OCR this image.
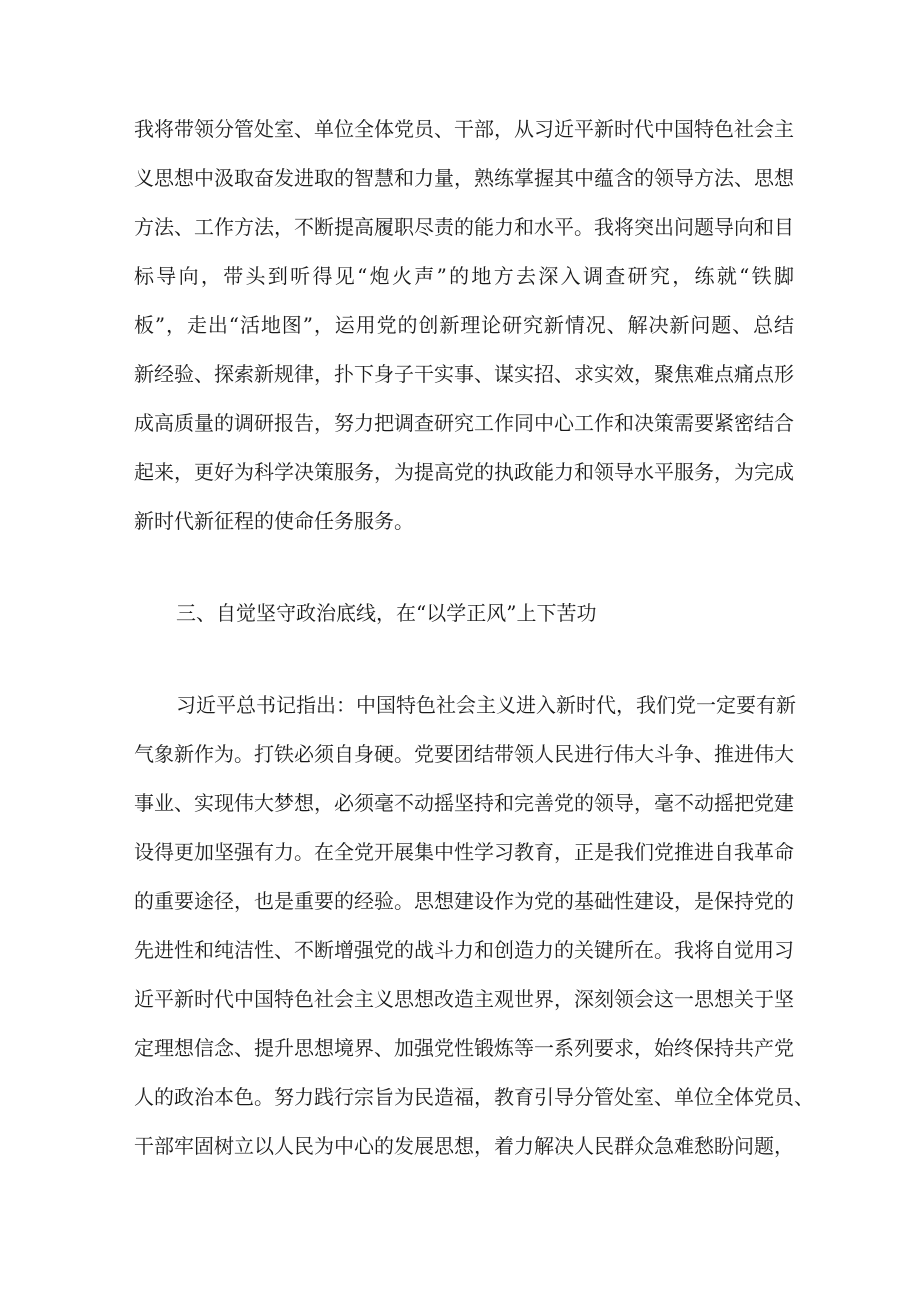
我将带领分管处室、单位全体党员、干部，从习近平新时代中国特色社会主
义思想中汲取奋发进取的智慧和力量，熟练掌握其中蕴含的领导方法、思想
方法、工作方法，不断提高履职尽责的能力和水平。我将突出问题导向和目
标导向，带头到听得见“炮火声”的地方去深入调查研究，练就“铁脚
板”，走出“活地图”，运用党的创新理论研究新情况、解决新问题、总结
新经验、探索新规律，扑下身子干实事、谋实招、求实效，聚焦难点痛点形
成高质量的调研报告，努力把调查研究工作同中心工作和决策需要紧密结合
起来，更好为科学决策服务，为提高党的执政能力和领导水平服务，为完成
新时代新征程的使命任务服务。
三、自觉坚守政治底线，在“以学正风”上下苦功
习近平总书记指出：中国特色社会主义进入新时代，我们党一定要有新
气象新作为。打铁必须自身硬。党要团结带领人民进行伟大斗争、推进伟大
事业、实现伟大梦想，必须毫不动摇坚持和完善党的领导，毫不动摇把党建
设得更加坚强有力。在全党开展集中性学习教育，正是我们党推进自我革命
的重要途径，也是重要的经验。思想建设作为党的基础性建设，是保持党的
先进性和纯洁性、不断增强党的战斗力和创造力的关键所在。我将自觉用习
近平新时代中国特色社会主义思想改造主观世界，深刻领会这一思想关于坚
定理想信念、提升思想境界、加强党性锻炼等一系列要求，始终保持共产党
人的政治本色。努力践行宗旨为民造福，教育引导分管处室、单位全体党员、
干部牢固树立以人民为中心的发展思想，着力解决人民群众急难愁盼问题，
